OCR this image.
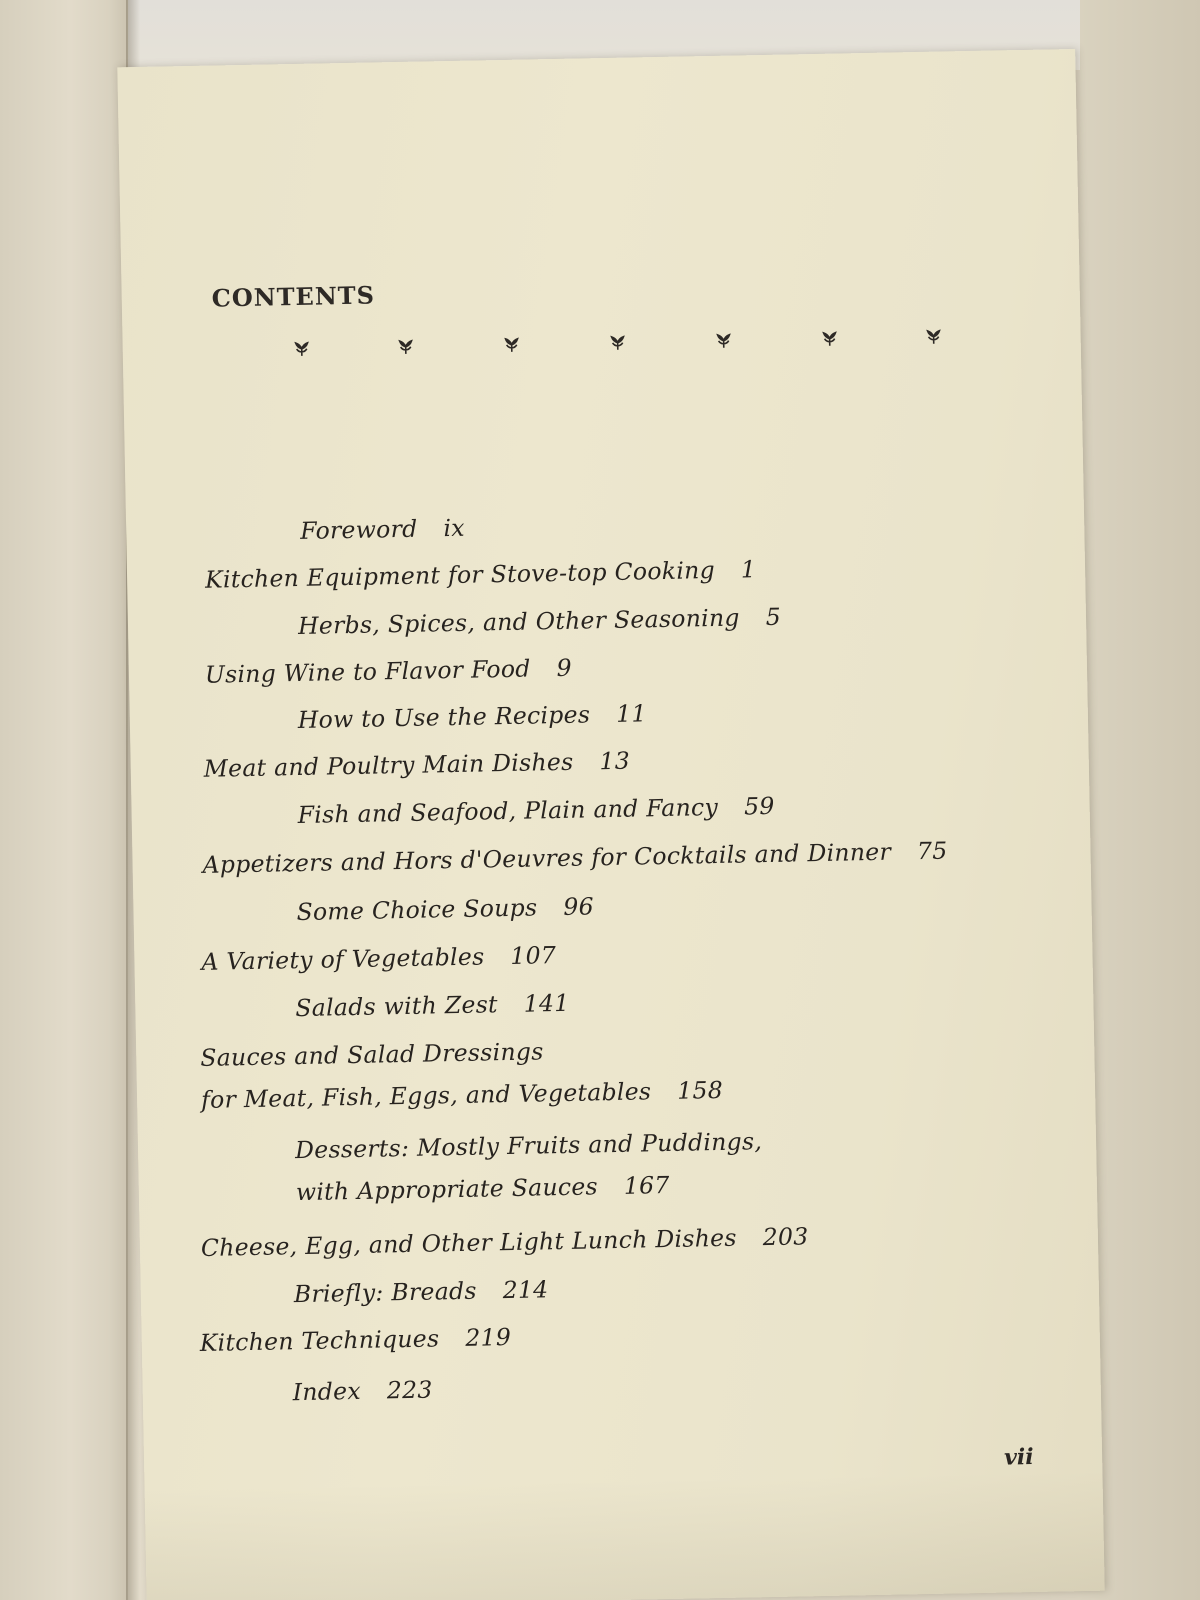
CONTENTS
Foreword ix
Kitchen Equipment for Stove-top Cooking 1
Herbs, Spices, and Other Seasoning 5
Using Wine to Flavor Food 9
How to Use the Recipes 11
Meat and Poultry Main Dishes 13
Fish and Seafood, Plain and Fancy 59
Appetizers and Hors d'Oeuvres for Cocktails and Dinner 75
Some Choice Soups 96
A Variety of Vegetables 107
Salads with Zest 141
Sauces and Salad Dressings
for Meat, Fish, Eggs, and Vegetables 158
Desserts: Mostly Fruits and Puddings,
with Appropriate Sauces 167
Cheese, Egg, and Other Light Lunch Dishes 203
Briefly: Breads 214
Kitchen Techniques 219
Index 223
vii
